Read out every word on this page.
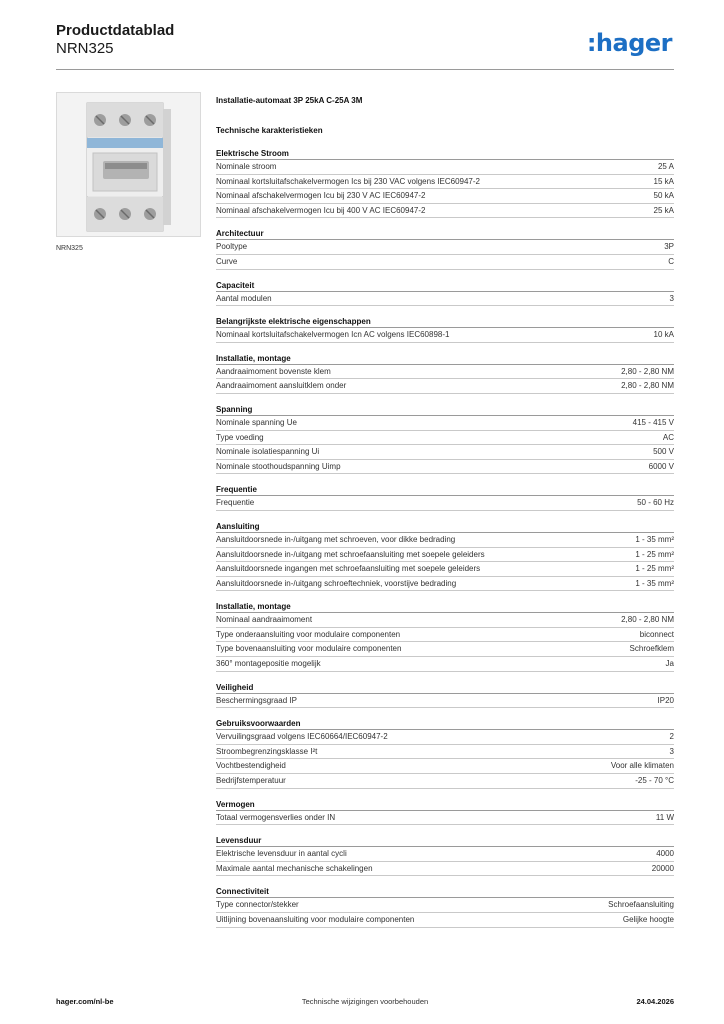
Productdatablad
NRN325	:hager
NRN325
Installatie-automaat 3P 25kA C-25A 3M
Technische karakteristieken
Elektrische Stroom
Nominale stroom	25 A
Nominaal kortsluitafschakelvermogen Ics bij 230 VAC volgens IEC60947-2	15 kA
Nominaal afschakelvermogen Icu bij 230 V AC IEC60947-2	50 kA
Nominaal afschakelvermogen Icu bij 400 V AC IEC60947-2	25 kA
Architectuur
Pooltype	3P
Curve	C
Capaciteit
Aantal modulen	3
Belangrijkste elektrische eigenschappen
Nominaal kortsluitafschakelvermogen Icn AC volgens IEC60898-1	10 kA
Installatie, montage
Aandraaimoment bovenste klem	2,80 - 2,80 NM
Aandraaimoment aansluitklem onder	2,80 - 2,80 NM
Spanning
Nominale spanning Ue	415 - 415 V
Type voeding	AC
Nominale isolatiespanning Ui	500 V
Nominale stoothoudspanning Uimp	6000 V
Frequentie
Frequentie	50 - 60 Hz
Aansluiting
Aansluitdoorsnede in-/uitgang met schroeven, voor dikke bedrading	1 - 35 mm²
Aansluitdoorsnede in-/uitgang met schroefaansluiting met soepele geleiders	1 - 25 mm²
Aansluitdoorsnede ingangen met schroefaansluiting met soepele geleiders	1 - 25 mm²
Aansluitdoorsnede in-/uitgang schroeftechniek, voorstijve bedrading	1 - 35 mm²
Installatie, montage
Nominaal aandraaimoment	2,80 - 2,80 NM
Type onderaansluiting voor modulaire componenten	biconnect
Type bovenaansluiting voor modulaire componenten	Schroefklem
360° montagepositie mogelijk	Ja
Veiligheid
Beschermingsgraad IP	IP20
Gebruiksvoorwaarden
Vervuilingsgraad volgens IEC60664/IEC60947-2	2
Stroombegrenzingsklasse I²t	3
Vochtbestendigheid	Voor alle klimaten
Bedrijfstemperatuur	-25 - 70 °C
Vermogen
Totaal vermogensverlies onder IN	11 W
Levensduur
Elektrische levensduur in aantal cycli	4000
Maximale aantal mechanische schakelingen	20000
Connectiviteit
Type connector/stekker	Schroefaansluiting
Uitlijning bovenaansluiting voor modulaire componenten	Gelijke hoogte
Technische wijzigingen voorbehouden
hager.com/nl-be	24.04.2026
